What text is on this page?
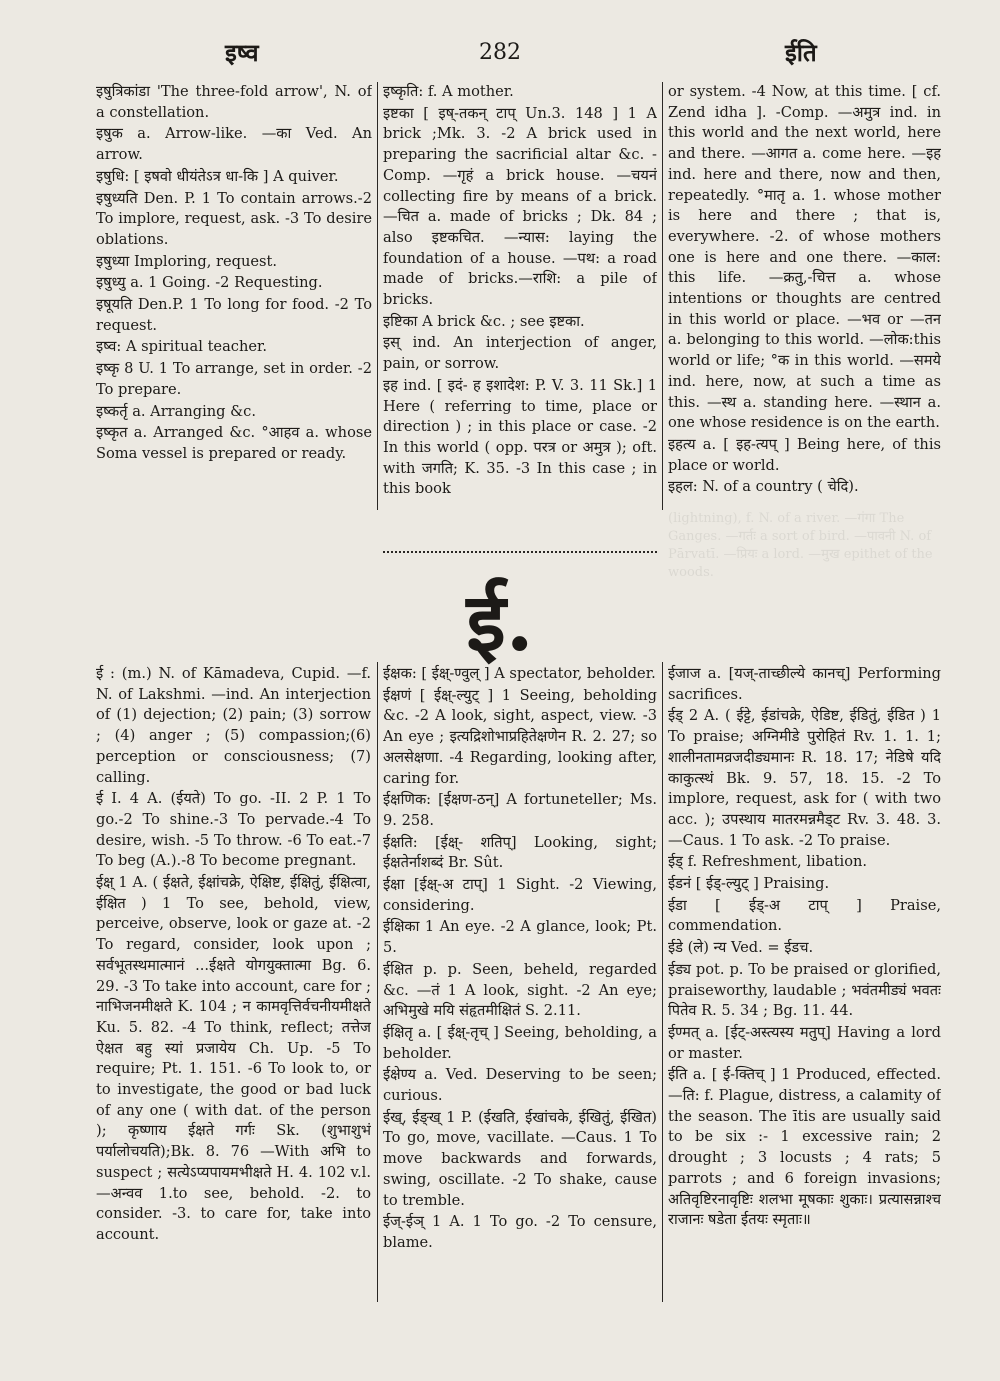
इष्व	282	ईति

इषुत्रिकांडा 'The three-fold arrow', N. of a constellation.

इषुक a. Arrow-like. —का Ved. An arrow.

इषुधि: [ इषवो धीयंतेऽत्र धा-कि ] A quiver.

इषुध्यति Den. P. 1 To contain arrows.-2 To implore, request, ask. -3 To desire oblations.

इषुध्या Imploring, request.

इषुध्यु a. 1 Going. -2 Requesting.

इषूयति Den.P. 1 To long for food. -2 To request.

इष्व: A spiritual teacher.

इष्कृ 8 U. 1 To arrange, set in order. -2 To prepare.

इष्कर्तृ a. Arranging &c.

इष्कृत a. Arranged &c. °आहव a. whose Soma vessel is prepared or ready.

इष्कृति: f. A mother.

इष्टका [ इष्-तकन् टाप् Un.3. 148 ] 1 A brick ;Mk. 3. -2 A brick used in preparing the sacrificial altar &c. -Comp. —गृहं a brick house. —चयनं collecting fire by means of a brick. —चित a. made of bricks ; Dk. 84 ; also इष्टकचित. —न्यास: laying the foundation of a house. —पथ: a road made of bricks.—राशि: a pile of bricks.

इष्टिका A brick &c. ; see इष्टका.

इस् ind. An interjection of anger, pain, or sorrow.

इह ind. [ इदं- ह इशादेश: P. V. 3. 11 Sk.] 1 Here ( referring to time, place or direction ) ; in this place or case. -2 In this world ( opp. परत्र or अमुत्र ); oft. with जगति; K. 35. -3 In this case ; in this book

or system. -4 Now, at this time. [ cf. Zend idha ]. -Comp. —अमुत्र ind. in this world and the next world, here and there. —आगत a. come here. —इह ind. here and there, now and then, repeatedly. °मातृ a. 1. whose mother is here and there ; that is, everywhere. -2. of whose mothers one is here and one there. —काल: this life. —क्रतु,-चित्त a. whose intentions or thoughts are centred in this world or place. —भव or —तन a. belonging to this world. —लोक:this world or life; °क in this world. —समये ind. here, now, at such a time as this. —स्थ a. standing here. —स्थान a. one whose residence is on the earth.

इहत्य a. [ इह-त्यप् ] Being here, of this place or world.

इहल: N. of a country ( चेदि).

(lightning), f. N. of a river. —गंगा The Ganges. —गर्तः a sort of bird. —पावनी N. of Pārvatī. —प्रियः a lord. —मुख epithet of the woods.
ई.

ई : (m.) N. of Kāmadeva, Cupid. —f. N. of Lakshmi. —ind. An interjection of (1) dejection; (2) pain; (3) sorrow ; (4) anger ; (5) compassion;(6) perception or consciousness; (7) calling.

ई I. 4 A. (ईयते) To go. -II. 2 P. 1 To go.-2 To shine.-3 To pervade.-4 To desire, wish. -5 To throw. -6 To eat.-7 To beg (A.).-8 To become pregnant.

ईक्ष् 1 A. ( ईक्षते, ईक्षांचक्रे, ऐक्षिष्ट, ईक्षितुं, ईक्षित्वा, ईक्षित ) 1 To see, behold, view, perceive, observe, look or gaze at. -2 To regard, consider, look upon ; सर्वभूतस्थमात्मानं ...ईक्षते योगयुक्तात्मा Bg. 6. 29. -3 To take into account, care for ; नाभिजनमीक्षते K. 104 ; न कामवृत्तिर्वचनीयमीक्षते Ku. 5. 82. -4 To think, reflect; तत्तेज ऐक्षत बहु स्यां प्रजायेय Ch. Up. -5 To require; Pt. 1. 151. -6 To look to, or to investigate, the good or bad luck of any one ( with dat. of the person ); कृष्णाय ईक्षते गर्गः Sk. (शुभाशुभं पर्यालोचयति);Bk. 8. 76 —With अभि to suspect ; सत्येऽप्यपायमभीक्षते H. 4. 102 v.l. —अन्वव 1.to see, behold. -2. to consider. -3. to care for, take into account.

ईक्षक: [ ईक्ष्-ण्वुल् ] A spectator, beholder.

ईक्षणं [ ईक्ष्-ल्युट् ] 1 Seeing, beholding &c. -2 A look, sight, aspect, view. -3 An eye ; इत्यद्रिशोभाप्रहितेक्षणेन R. 2. 27; so अलसेक्षणा. -4 Regarding, looking after, caring for.

ईक्षणिक: [ईक्षण-ठन्] A fortuneteller; Ms. 9. 258.

ईक्षति: [ईक्ष्- शतिप्] Looking, sight; ईक्षतेर्नाशब्दं Br. Sût.

ईक्षा [ईक्ष्-अ टाप्] 1 Sight. -2 Viewing, considering.

ईक्षिका 1 An eye. -2 A glance, look; Pt. 5.

ईक्षित p. p. Seen, beheld, regarded &c. —तं 1 A look, sight. -2 An eye; अभिमुखे मयि संहृतमीक्षितं S. 2.11.

ईक्षितृ a. [ ईक्ष्-तृच् ] Seeing, beholding, a beholder.

ईक्षेण्य a. Ved. Deserving to be seen; curious.

ईख्, ईङ्ख् 1 P. (ईखति, ईखांचके, ईखितुं, ईखित) To go, move, vacillate. —Caus. 1 To move backwards and forwards, swing, oscillate. -2 To shake, cause to tremble.

ईज्-ईञ् 1 A. 1 To go. -2 To censure, blame.

ईजाज a. [यज्-ताच्छील्ये कानच्] Performing sacrifices.

ईड् 2 A. ( ईट्टे, ईडांचक्रे, ऐडिष्ट, ईडितुं, ईडित ) 1 To praise; अग्निमीडे पुरोहितं Rv. 1. 1. 1; शालीनतामव्रजदीड्यमानः R. 18. 17; नेडिषे यदि काकुत्स्थं Bk. 9. 57, 18. 15. -2 To implore, request, ask for ( with two acc. ); उपस्थाय मातरमन्नमैड्ट Rv. 3. 48. 3. —Caus. 1 To ask. -2 To praise.

ईड् f. Refreshment, libation.

ईडनं [ ईड्-ल्युट् ] Praising.

ईडा [ ईड्-अ टाप् ] Praise, commendation.

ईडे (ले) न्य Ved. = ईडच.

ईड्य pot. p. To be praised or glorified, praiseworthy, laudable ; भवंतमीड्यं भवतः पितेव R. 5. 34 ; Bg. 11. 44.

ईण्मत् a. [ईट्-अस्त्यस्य मतुप्] Having a lord or master.

ईति a. [ ई-क्तिच् ] 1 Produced, effected. —ति: f. Plague, distress, a calamity of the season. The ītis are usually said to be six :- 1 excessive rain; 2 drought ; 3 locusts ; 4 rats; 5 parrots ; and 6 foreign invasions; अतिवृष्टिरनावृष्टिः शलभा मूषकाः शुकाः। प्रत्यासन्नाश्च राजानः षडेता ईतयः स्मृताः॥
